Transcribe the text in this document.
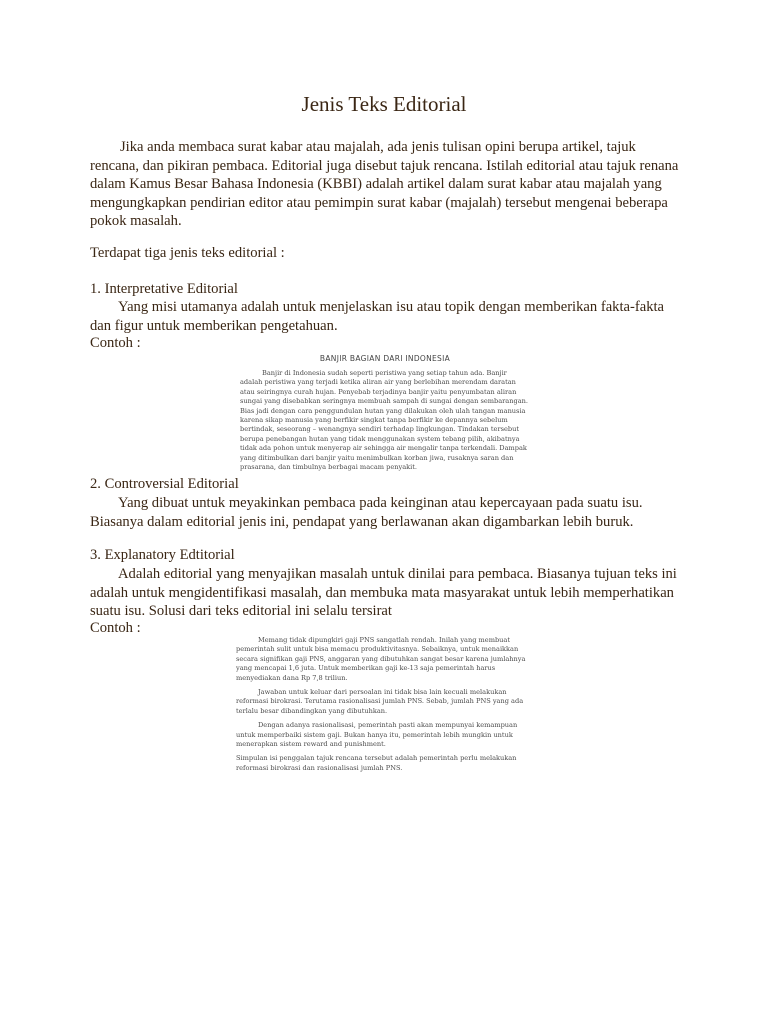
Jenis Teks Editorial
Jika anda membaca surat kabar atau majalah, ada jenis tulisan opini berupa artikel, tajuk rencana, dan pikiran pembaca. Editorial juga disebut tajuk rencana. Istilah editorial atau tajuk renana dalam Kamus Besar Bahasa Indonesia (KBBI) adalah artikel dalam surat kabar atau majalah yang mengungkapkan pendirian editor atau pemimpin surat kabar (majalah) tersebut mengenai beberapa pokok masalah.
Terdapat tiga jenis teks editorial :
1. Interpretative Editorial
Yang misi utamanya adalah untuk menjelaskan isu atau topik dengan memberikan fakta-fakta dan figur untuk memberikan pengetahuan.
Contoh :
BANJIR BAGIAN DARI INDONESIA
Banjir di Indonesia sudah seperti peristiwa yang setiap tahun ada. Banjir adalah peristiwa yang terjadi ketika aliran air yang berlebihan merendam daratan atau seiringnya curah hujan. Penyebab terjadinya banjir yaitu penyumbatan aliran sungai yang disebabkan seringnya membuah sampah di sungai dengan sembarangan. Bias jadi dengan cara penggundulan hutan yang dilakukan oleh ulah tangan manusia karena sikap manusia yang berfikir singkat tanpa berfikir ke depannya sebelum bertindak, seseorang – wenangnya sendiri terhadap lingkungan. Tindakan tersebut berupa penebangan hutan yang tidak menggunakan system tebang pilih, akibatnya tidak ada pohon untuk menyerap air sehingga air mengalir tanpa terkendali. Dampak yang ditimbulkan dari banjir yaitu menimbulkan korban jiwa, rusaknya saran dan prasarana, dan timbulnya berbagai macam penyakit.
2. Controversial Editorial
Yang dibuat untuk meyakinkan pembaca pada keinginan atau kepercayaan pada suatu isu. Biasanya dalam editorial jenis ini, pendapat yang berlawanan akan digambarkan lebih buruk.
3. Explanatory Edtitorial
Adalah editorial yang menyajikan masalah untuk dinilai para pembaca. Biasanya tujuan teks ini adalah untuk mengidentifikasi masalah, dan membuka mata masyarakat untuk lebih memperhatikan suatu isu. Solusi dari teks editorial ini selalu tersirat
Contoh :

Memang tidak dipungkiri gaji PNS sangatlah rendah. Inilah yang membuat pemerintah sulit untuk bisa memacu produktivitasnya. Sebaiknya, untuk menaikkan secara signifikan gaji PNS, anggaran yang dibutuhkan sangat besar karena jumlahnya yang mencapai 1,6 juta. Untuk memberikan gaji ke-13 saja pemerintah harus menyediakan dana Rp 7,8 triliun.

Jawaban untuk keluar dari persoalan ini tidak bisa lain kecuali melakukan reformasi birokrasi. Terutama rasionalisasi jumlah PNS. Sebab, jumlah PNS yang ada terlalu besar dibandingkan yang dibutuhkan.

Dengan adanya rasionalisasi, pemerintah pasti akan mempunyai kemampuan untuk memperbaiki sistem gaji. Bukan hanya itu, pemerintah lebih mungkin untuk menerapkan sistem reward and punishment.

Simpulan isi penggalan tajuk rencana tersebut adalah pemerintah perlu melakukan reformasi birokrasi dan rasionalisasi jumlah PNS.
